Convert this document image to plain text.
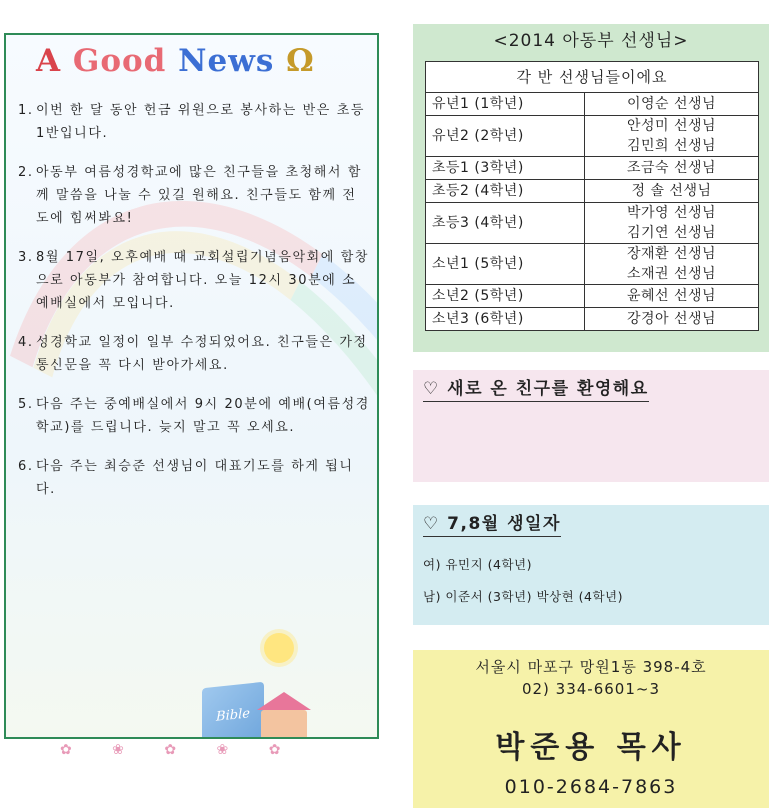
A Good News Ω
1. 이번 한 달 동안 헌금 위원으로 봉사하는 반은 초등1반입니다.
2. 아동부 여름성경학교에 많은 친구들을 초청해서 함께 말씀을 나눌 수 있길 원해요. 친구들도 함께 전도에 힘써봐요!
3. 8월 17일, 오후예배 때 교회설립기념음악회에 합창으로 아동부가 참여합니다. 오늘 12시 30분에 소예배실에서 모입니다.
4. 성경학교 일정이 일부 수정되었어요. 친구들은 가정통신문을 꼭 다시 받아가세요.
5. 다음 주는 중예배실에서 9시 20분에 예배(여름성경학교)를 드립니다. 늦지 말고 꼭 오세요.
6. 다음 주는 최승준 선생님이 대표기도를 하게 됩니다.
Bible
✿ ❀ ✿ ❀ ✿
<2014 아동부 선생님>
각 반 선생님들이에요	
유년1 (1학년)	이영순 선생님

유년2 (2학년)	안성미 선생님
김민희 선생님

초등1 (3학년)	조금숙 선생님

초등2 (4학년)	정 솔 선생님

초등3 (4학년)	박가영 선생님
김기연 선생님

소년1 (5학년)	장재환 선생님
소재권 선생님

소년2 (5학년)	윤혜선 선생님

소년3 (6학년)	강경아 선생님
♡ 새로 온 친구를 환영해요
♡ 7,8월 생일자
여) 유민지 (4학년)
남) 이준서 (3학년) 박상현 (4학년)
서울시 마포구 망원1동 398-4호
02) 334-6601~3
박준용 목사
010-2684-7863
